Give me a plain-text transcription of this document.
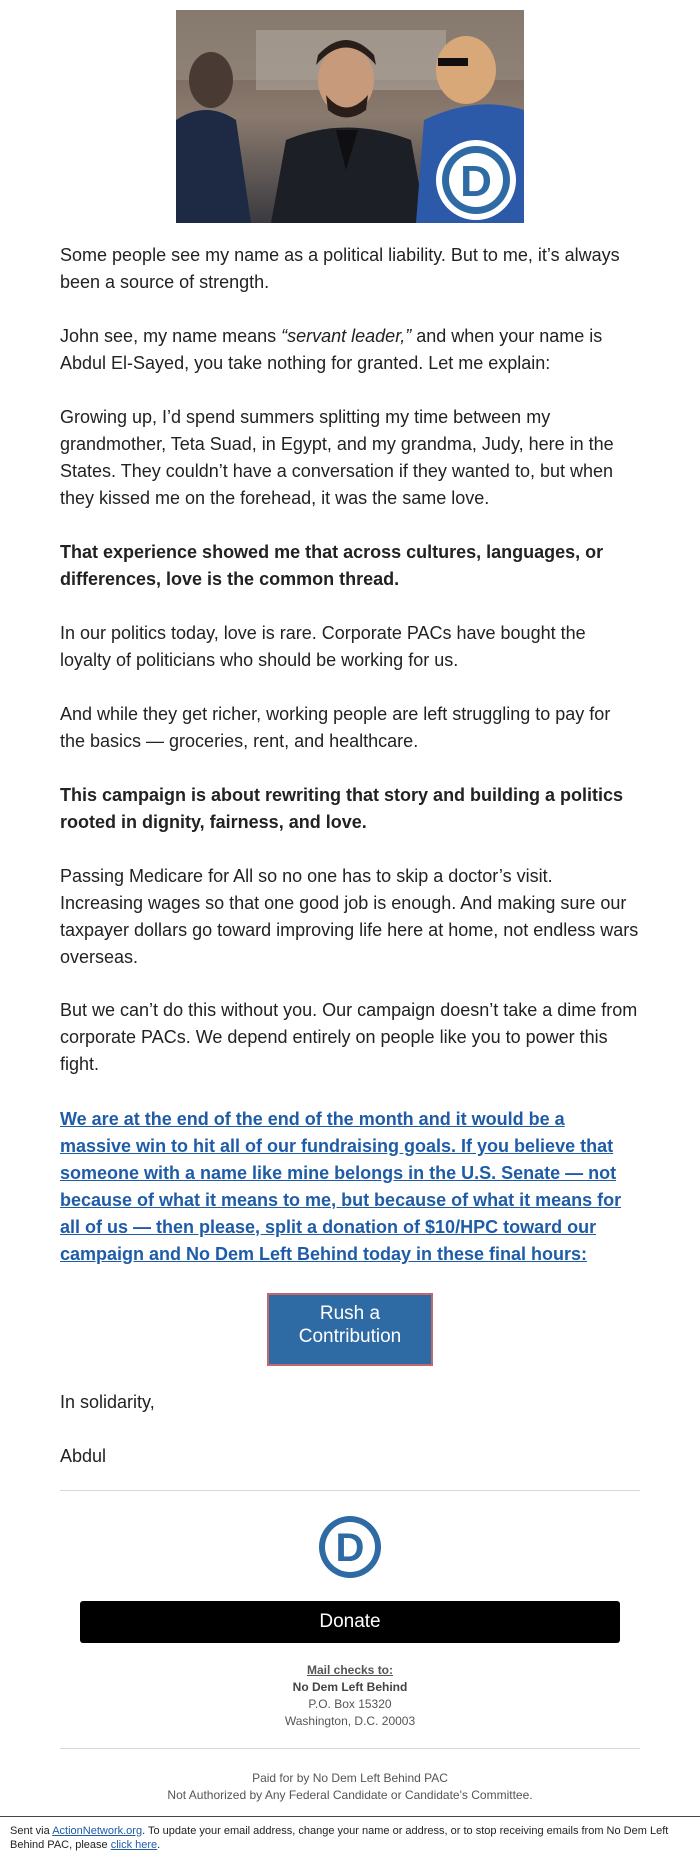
D

Some people see my name as a political liability. But to me, it’s always been a source of strength.

John see, my name means “servant leader,” and when your name is Abdul El-Sayed, you take nothing for granted. Let me explain:

Growing up, I’d spend summers splitting my time between my grandmother, Teta Suad, in Egypt, and my grandma, Judy, here in the States. They couldn’t have a conversation if they wanted to, but when they kissed me on the forehead, it was the same love.

That experience showed me that across cultures, languages, or differences, love is the common thread.

In our politics today, love is rare. Corporate PACs have bought the loyalty of politicians who should be working for us.

And while they get richer, working people are left struggling to pay for the basics — groceries, rent, and healthcare.

This campaign is about rewriting that story and building a politics rooted in dignity, fairness, and love.

Passing Medicare for All so no one has to skip a doctor’s visit. Increasing wages so that one good job is enough. And making sure our taxpayer dollars go toward improving life here at home, not endless wars overseas.

But we can’t do this without you. Our campaign doesn’t take a dime from corporate PACs. We depend entirely on people like you to power this fight.

We are at the end of the end of the month and it would be a massive win to hit all of our fundraising goals. If you believe that someone with a name like mine belongs in the U.S. Senate — not because of what it means to me, but because of what it means for all of us — then please, split a donation of $10/HPC toward our campaign and No Dem Left Behind today in these final hours:

Rush a
Contribution

In solidarity,

Abdul

D
Donate
Mail checks to:
No Dem Left Behind
P.O. Box 15320
Washington, D.C. 20003
Paid for by No Dem Left Behind PAC
Not Authorized by Any Federal Candidate or Candidate's Committee.
Sent via ActionNetwork.org. To update your email address, change your name or address, or to stop receiving emails from No Dem Left Behind PAC, please click here.
